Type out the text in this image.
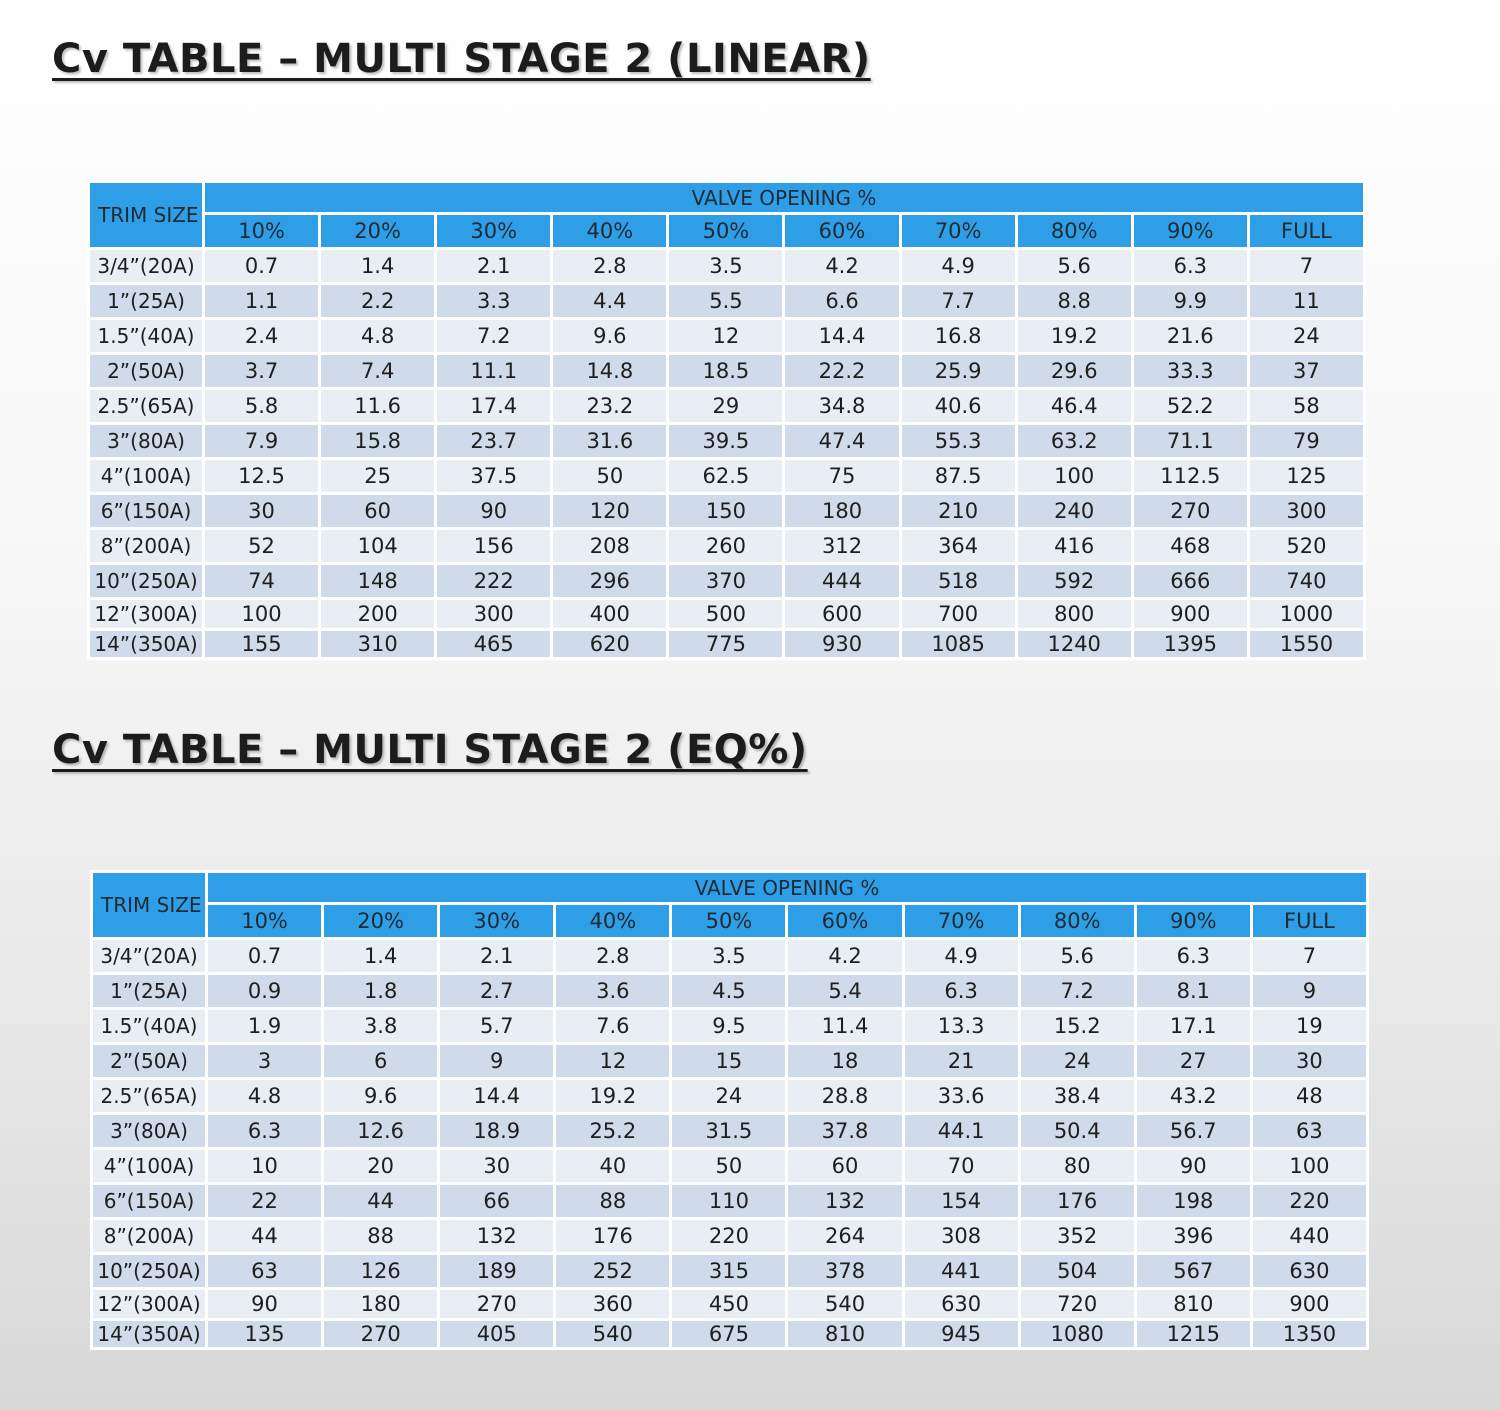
Cv TABLE – MULTI STAGE 2 (LINEAR)
TRIM SIZE	VALVE OPENING %									
	10%	20%	30%	40%	50%	60%	70%	80%	90%	FULL
3/4”(20A)	0.7	1.4	2.1	2.8	3.5	4.2	4.9	5.6	6.3	7
1”(25A)	1.1	2.2	3.3	4.4	5.5	6.6	7.7	8.8	9.9	11
1.5”(40A)	2.4	4.8	7.2	9.6	12	14.4	16.8	19.2	21.6	24
2”(50A)	3.7	7.4	11.1	14.8	18.5	22.2	25.9	29.6	33.3	37
2.5”(65A)	5.8	11.6	17.4	23.2	29	34.8	40.6	46.4	52.2	58
3”(80A)	7.9	15.8	23.7	31.6	39.5	47.4	55.3	63.2	71.1	79
4”(100A)	12.5	25	37.5	50	62.5	75	87.5	100	112.5	125
6”(150A)	30	60	90	120	150	180	210	240	270	300
8”(200A)	52	104	156	208	260	312	364	416	468	520
10”(250A)	74	148	222	296	370	444	518	592	666	740
12”(300A)	100	200	300	400	500	600	700	800	900	1000
14”(350A)	155	310	465	620	775	930	1085	1240	1395	1550
Cv TABLE – MULTI STAGE 2 (EQ%)
TRIM SIZE	VALVE OPENING %									
	10%	20%	30%	40%	50%	60%	70%	80%	90%	FULL
3/4”(20A)	0.7	1.4	2.1	2.8	3.5	4.2	4.9	5.6	6.3	7
1”(25A)	0.9	1.8	2.7	3.6	4.5	5.4	6.3	7.2	8.1	9
1.5”(40A)	1.9	3.8	5.7	7.6	9.5	11.4	13.3	15.2	17.1	19
2”(50A)	3	6	9	12	15	18	21	24	27	30
2.5”(65A)	4.8	9.6	14.4	19.2	24	28.8	33.6	38.4	43.2	48
3”(80A)	6.3	12.6	18.9	25.2	31.5	37.8	44.1	50.4	56.7	63
4”(100A)	10	20	30	40	50	60	70	80	90	100
6”(150A)	22	44	66	88	110	132	154	176	198	220
8”(200A)	44	88	132	176	220	264	308	352	396	440
10”(250A)	63	126	189	252	315	378	441	504	567	630
12”(300A)	90	180	270	360	450	540	630	720	810	900
14”(350A)	135	270	405	540	675	810	945	1080	1215	1350
